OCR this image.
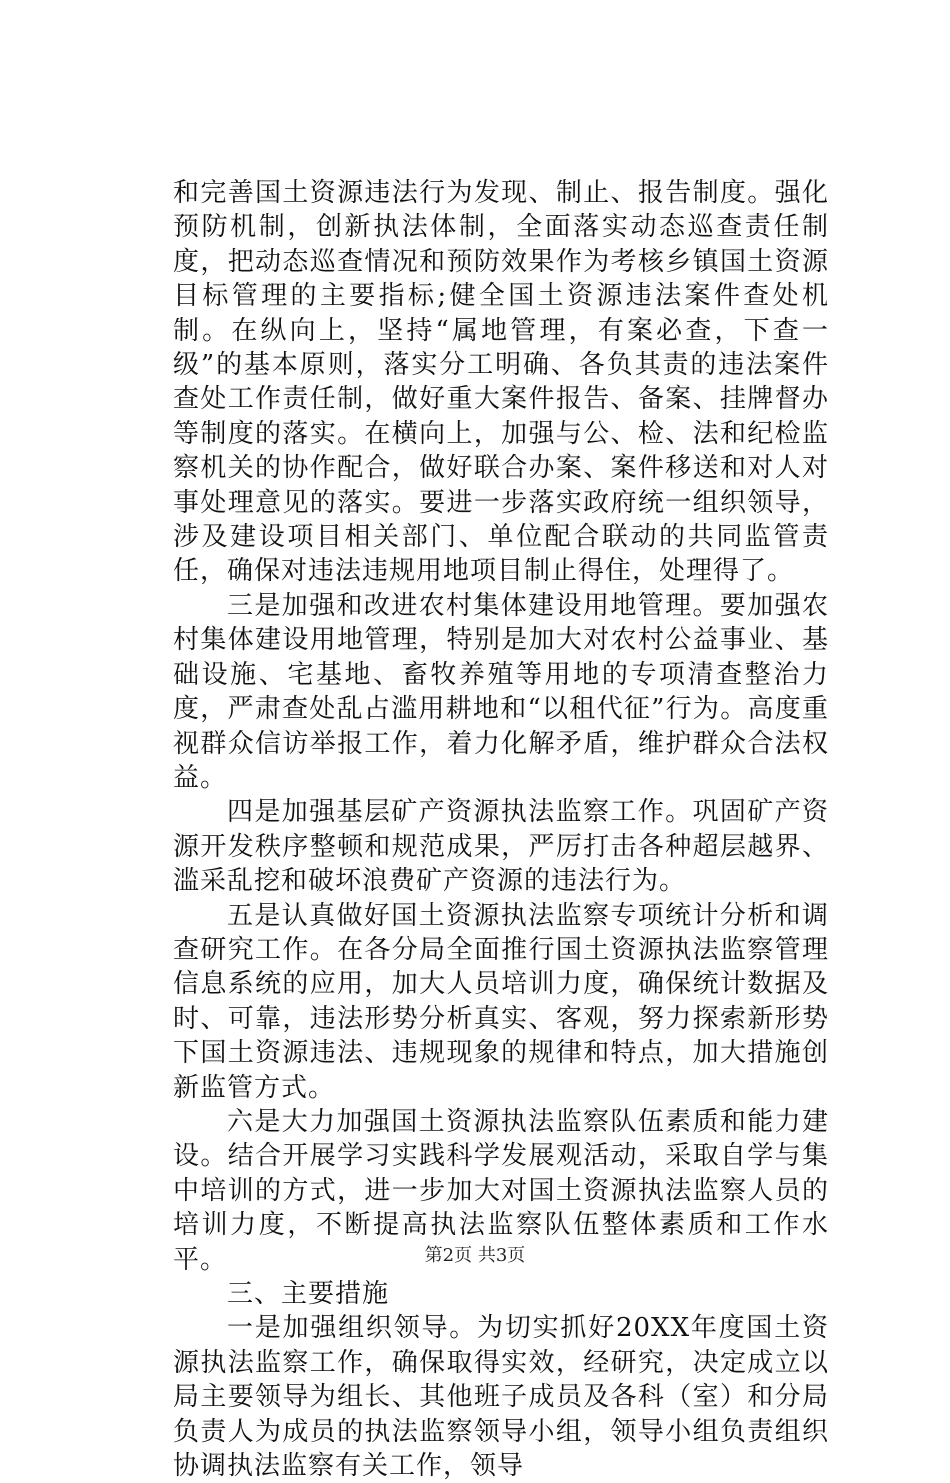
和完善国土资源违法行为发现、制止、报告制度。强化预防机制，创新执法体制，全面落实动态巡查责任制度，把动态巡查情况和预防效果作为考核乡镇国土资源目标管理的主要指标;健全国土资源违法案件查处机制。在纵向上，坚持“属地管理，有案必查，下查一级”的基本原则，落实分工明确、各负其责的违法案件查处工作责任制，做好重大案件报告、备案、挂牌督办等制度的落实。在横向上，加强与公、检、法和纪检监察机关的协作配合，做好联合办案、案件移送和对人对事处理意见的落实。要进一步落实政府统一组织领导，涉及建设项目相关部门、单位配合联动的共同监管责任，确保对违法违规用地项目制止得住，处理得了。

三是加强和改进农村集体建设用地管理。要加强农村集体建设用地管理，特别是加大对农村公益事业、基础设施、宅基地、畜牧养殖等用地的专项清查整治力度，严肃查处乱占滥用耕地和“以租代征”行为。高度重视群众信访举报工作，着力化解矛盾，维护群众合法权益。

四是加强基层矿产资源执法监察工作。巩固矿产资源开发秩序整顿和规范成果，严厉打击各种超层越界、滥采乱挖和破坏浪费矿产资源的违法行为。

五是认真做好国土资源执法监察专项统计分析和调查研究工作。在各分局全面推行国土资源执法监察管理信息系统的应用，加大人员培训力度，确保统计数据及时、可靠，违法形势分析真实、客观，努力探索新形势下国土资源违法、违规现象的规律和特点，加大措施创新监管方式。

六是大力加强国土资源执法监察队伍素质和能力建设。结合开展学习实践科学发展观活动，采取自学与集中培训的方式，进一步加大对国土资源执法监察人员的培训力度，不断提高执法监察队伍整体素质和工作水平。

三、主要措施

一是加强组织领导。为切实抓好20XX年度国土资源执法监察工作，确保取得实效，经研究，决定成立以局主要领导为组长、其他班子成员及各科（室）和分局负责人为成员的执法监察领导小组，领导小组负责组织协调执法监察有关工作，领导

第2页 共3页
